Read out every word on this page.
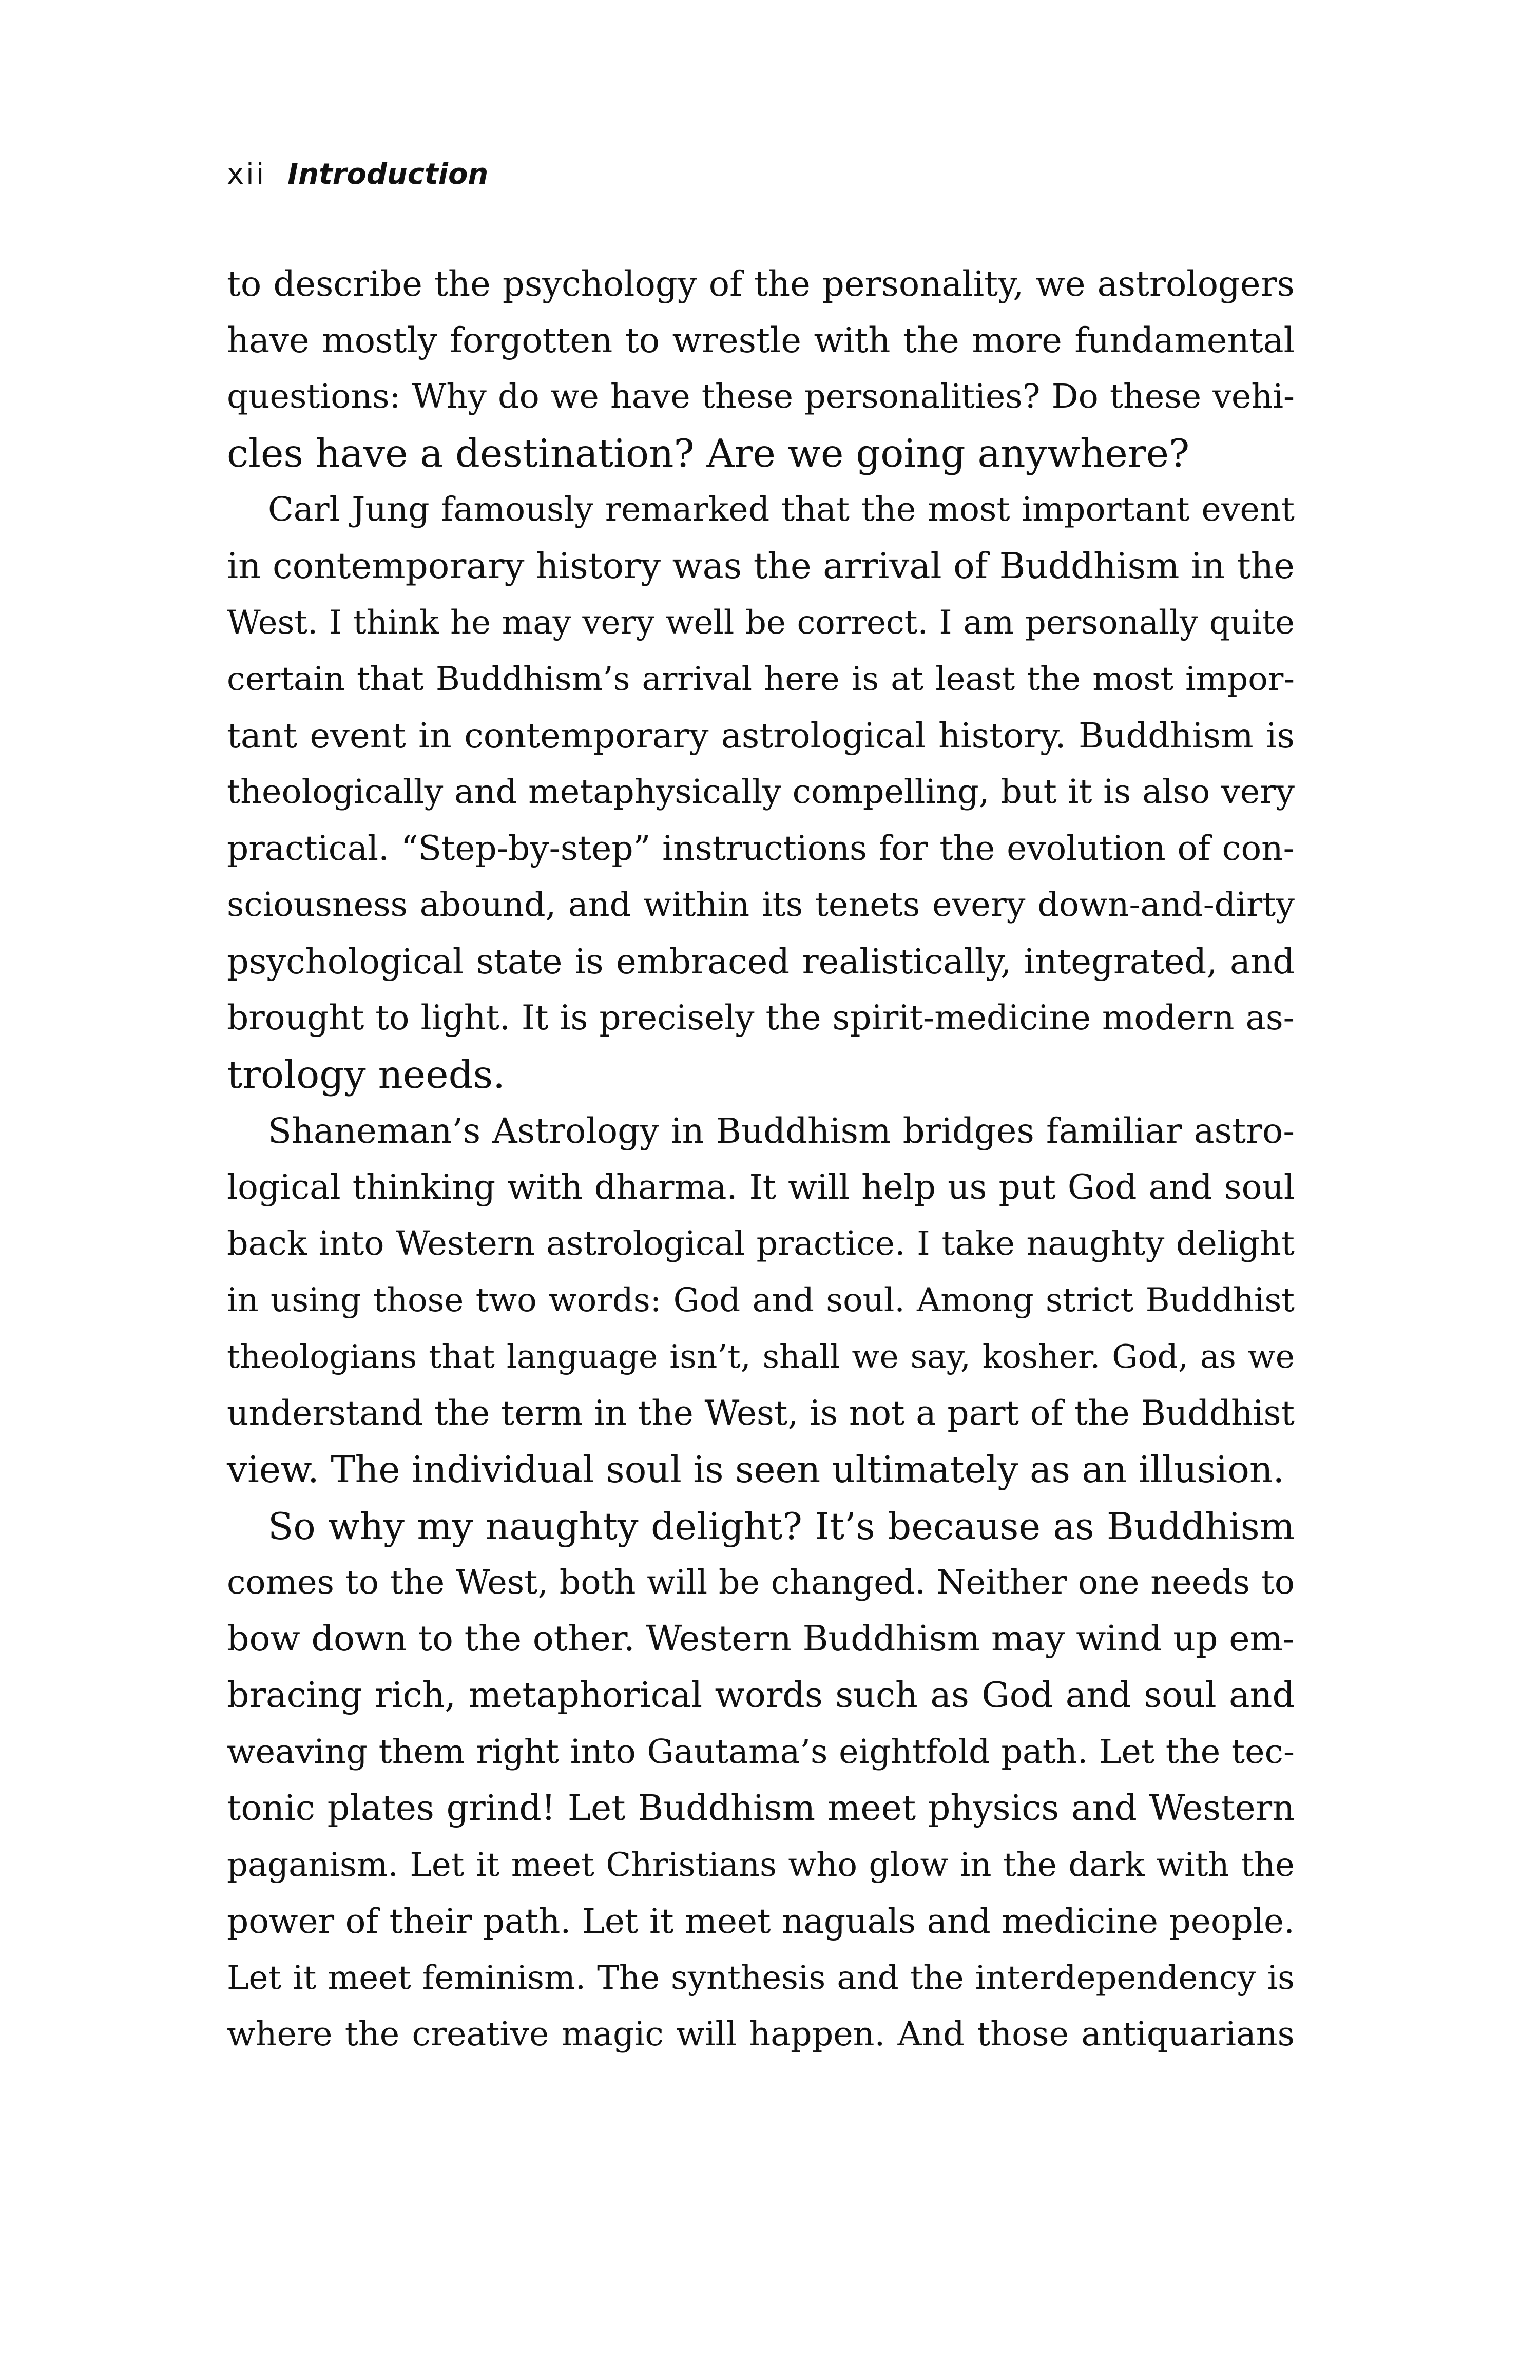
xii Introduction
to describe the psychology of the personality, we astrologers
have mostly forgotten to wrestle with the more fundamental
questions: Why do we have these personalities? Do these vehi-
cles have a destination? Are we going anywhere?
Carl Jung famously remarked that the most important event
in contemporary history was the arrival of Buddhism in the
West. I think he may very well be correct. I am personally quite
certain that Buddhism’s arrival here is at least the most impor-
tant event in contemporary astrological history. Buddhism is
theologically and metaphysically compelling, but it is also very
practical. “Step-by-step” instructions for the evolution of con-
sciousness abound, and within its tenets every down-and-dirty
psychological state is embraced realistically, integrated, and
brought to light. It is precisely the spirit-medicine modern as-
trology needs.
Shaneman’s Astrology in Buddhism bridges familiar astro-
logical thinking with dharma. It will help us put God and soul
back into Western astrological practice. I take naughty delight
in using those two words: God and soul. Among strict Buddhist
theologians that language isn’t, shall we say, kosher. God, as we
understand the term in the West, is not a part of the Buddhist
view. The individual soul is seen ultimately as an illusion.
So why my naughty delight? It’s because as Buddhism
comes to the West, both will be changed. Neither one needs to
bow down to the other. Western Buddhism may wind up em-
bracing rich, metaphorical words such as God and soul and
weaving them right into Gautama’s eightfold path. Let the tec-
tonic plates grind! Let Buddhism meet physics and Western
paganism. Let it meet Christians who glow in the dark with the
power of their path. Let it meet naguals and medicine people.
Let it meet feminism. The synthesis and the interdependency is
where the creative magic will happen. And those antiquarians
